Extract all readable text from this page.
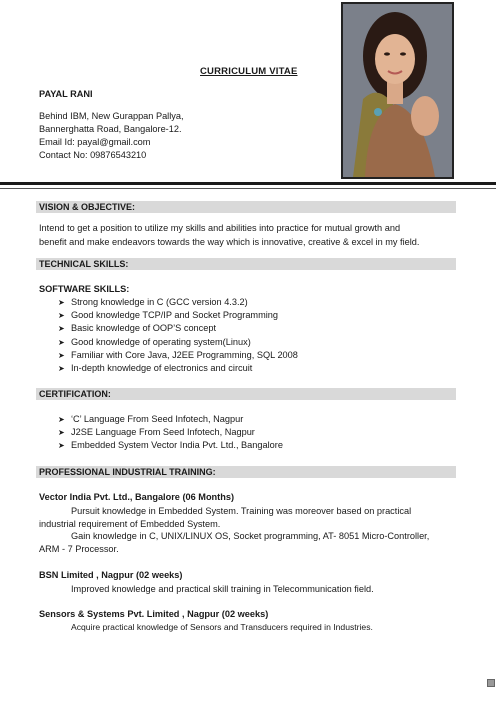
CURRICULUM VITAE
PAYAL RANI
Behind IBM, New Gurappan Pallya,
Bannerghatta Road, Bangalore-12.
Email Id: payal@gmail.com
Contact No: 09876543210
VISION & OBJECTIVE:
Intend to get a position to utilize my skills and abilities into practice for mutual growth and
benefit and make endeavors towards the way which is innovative, creative & excel in my field.
TECHNICAL SKILLS:
SOFTWARE SKILLS:
➤ Strong knowledge in C (GCC version 4.3.2)
➤ Good knowledge TCP/IP and Socket Programming
➤ Basic knowledge of OOP’S concept
➤ Good knowledge of operating system(Linux)
➤ Familiar with Core Java, J2EE Programming, SQL 2008
➤ In-depth knowledge of electronics and circuit
CERTIFICATION:
➤ ‘C’ Language From Seed Infotech, Nagpur
➤ J2SE Language From Seed Infotech, Nagpur
➤ Embedded System Vector India Pvt. Ltd., Bangalore
PROFESSIONAL INDUSTRIAL TRAINING:
Vector India Pvt. Ltd., Bangalore (06 Months)
Pursuit knowledge in Embedded System. Training was moreover based on practical
industrial requirement of Embedded System.
Gain knowledge in C, UNIX/LINUX OS, Socket programming, AT- 8051 Micro-Controller,
ARM - 7 Processor.
BSN Limited , Nagpur (02 weeks)
Improved knowledge and practical skill training in Telecommunication field.
Sensors & Systems Pvt. Limited , Nagpur (02 weeks)
Acquire practical knowledge of Sensors and Transducers required in Industries.
